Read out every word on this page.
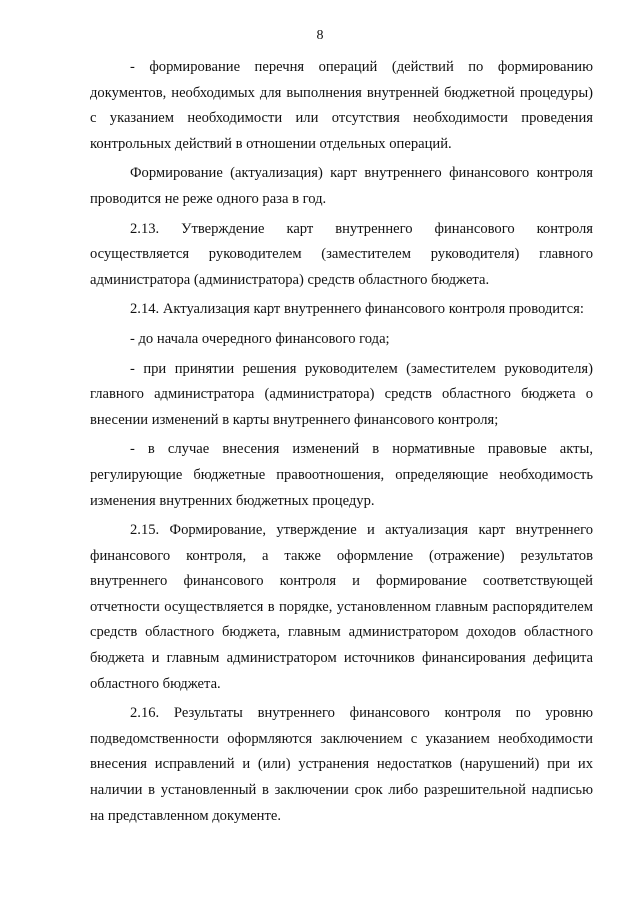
8

- формирование перечня операций (действий по формированию документов, необходимых для выполнения внутренней бюджетной процедуры) с указанием необходимости или отсутствия необходимости проведения контрольных действий в отношении отдельных операций.

Формирование (актуализация) карт внутреннего финансового контроля проводится не реже одного раза в год.

2.13. Утверждение карт внутреннего финансового контроля осуществляется руководителем (заместителем руководителя) главного администратора (администратора) средств областного бюджета.

2.14. Актуализация карт внутреннего финансового контроля проводится:

- до начала очередного финансового года;

- при принятии решения руководителем (заместителем руководителя) главного администратора (администратора) средств областного бюджета о внесении изменений в карты внутреннего финансового контроля;

- в случае внесения изменений в нормативные правовые акты, регулирующие бюджетные правоотношения, определяющие необходимость изменения внутренних бюджетных процедур.

2.15. Формирование, утверждение и актуализация карт внутреннего финансового контроля, а также оформление (отражение) результатов внутреннего финансового контроля и формирование соответствующей отчетности осуществляется в порядке, установленном главным распорядителем средств областного бюджета, главным администратором доходов областного бюджета и главным администратором источников финансирования дефицита областного бюджета.

2.16. Результаты внутреннего финансового контроля по уровню подведомственности оформляются заключением с указанием необходимости внесения исправлений и (или) устранения недостатков (нарушений) при их наличии в установленный в заключении срок либо разрешительной надписью на представленном документе.
